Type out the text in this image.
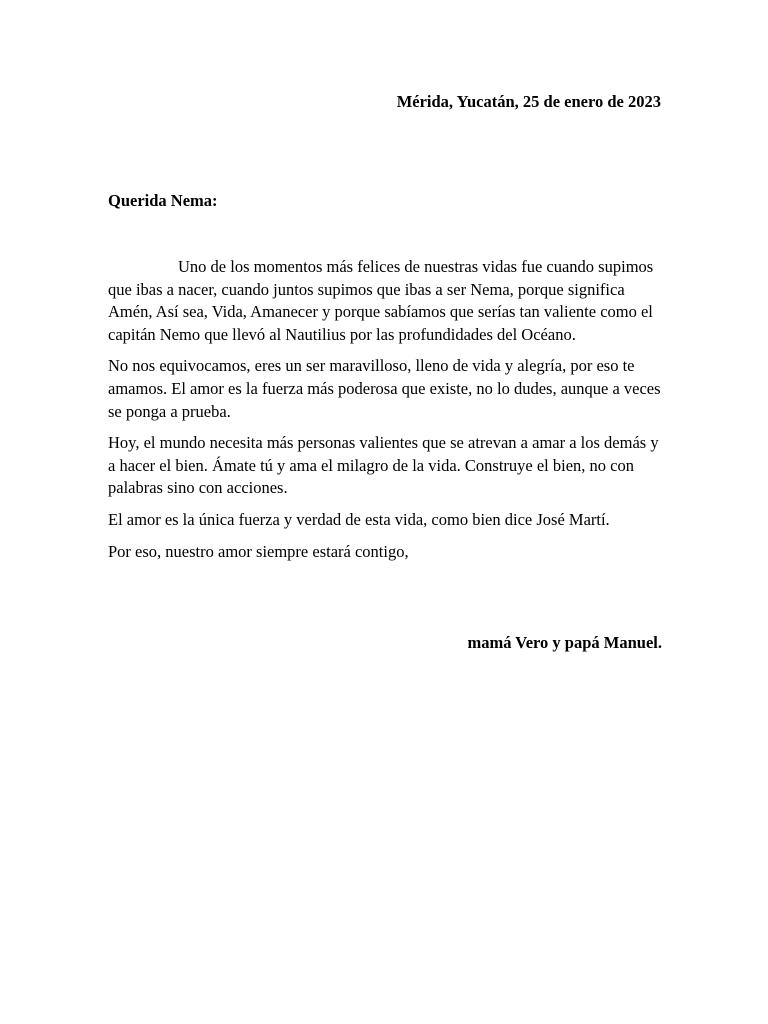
Mérida, Yucatán, 25 de enero de 2023
Querida Nema:

Uno de los momentos más felices de nuestras vidas fue cuando supimos que ibas a nacer, cuando juntos supimos que ibas a ser Nema, porque significa Amén, Así sea, Vida, Amanecer y porque sabíamos que serías tan valiente como el capitán Nemo que llevó al Nautilius por las profundidades del Océano.

No nos equivocamos, eres un ser maravilloso, lleno de vida y alegría, por eso te amamos. El amor es la fuerza más poderosa que existe, no lo dudes, aunque a veces se ponga a prueba.

Hoy, el mundo necesita más personas valientes que se atrevan a amar a los demás y a hacer el bien. Ámate tú y ama el milagro de la vida. Construye el bien, no con palabras sino con acciones.

El amor es la única fuerza y verdad de esta vida, como bien dice José Martí.

Por eso, nuestro amor siempre estará contigo,

mamá Vero y papá Manuel.
